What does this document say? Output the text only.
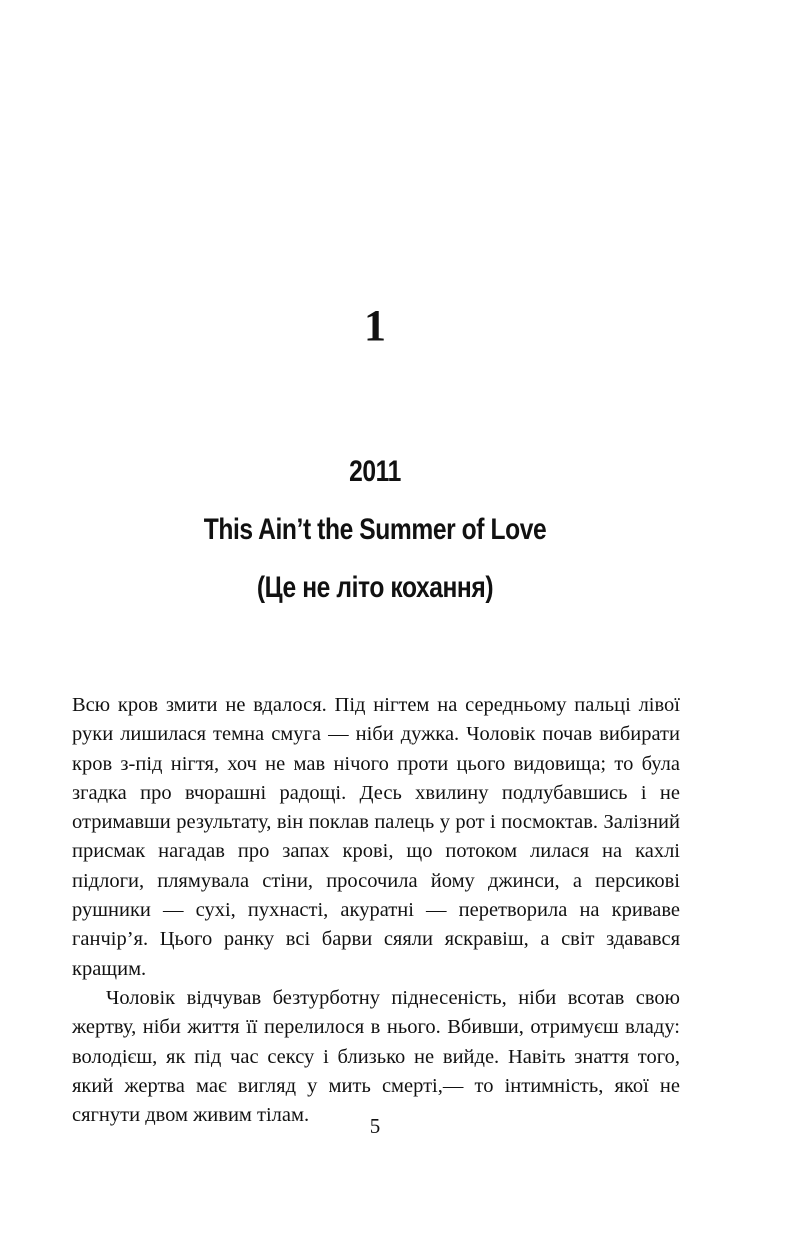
1
2011
This Ain’t the Summer of Love
(Це не літо кохання)

Всю кров змити не вдалося. Під нігтем на середньому пальці лівої руки лишилася темна смуга — ніби дужка. Чоловік почав вибирати кров з-під нігтя, хоч не мав нічого проти цього видовища; то була згадка про вчорашні радощі. Десь хвилину подлубавшись і не отримавши результату, він поклав палець у рот і посмоктав. Залізний присмак нагадав про запах крові, що потоком лилася на кахлі підлоги, плямувала стіни, просочила йому джинси, а персикові рушники — сухі, пухнасті, акуратні — перетворила на криваве ганчір’я. Цього ранку всі барви сяяли яскравіш, а світ здавався кращим.

Чоловік відчував безтурботну піднесеність, ніби всотав свою жертву, ніби життя її перелилося в нього. Вбивши, отримуєш владу: володієш, як під час сексу і близько не вийде. Навіть знаття того, який жертва має вигляд у мить смерті,— то інтимність, якої не сягнути двом живим тілам.	5
